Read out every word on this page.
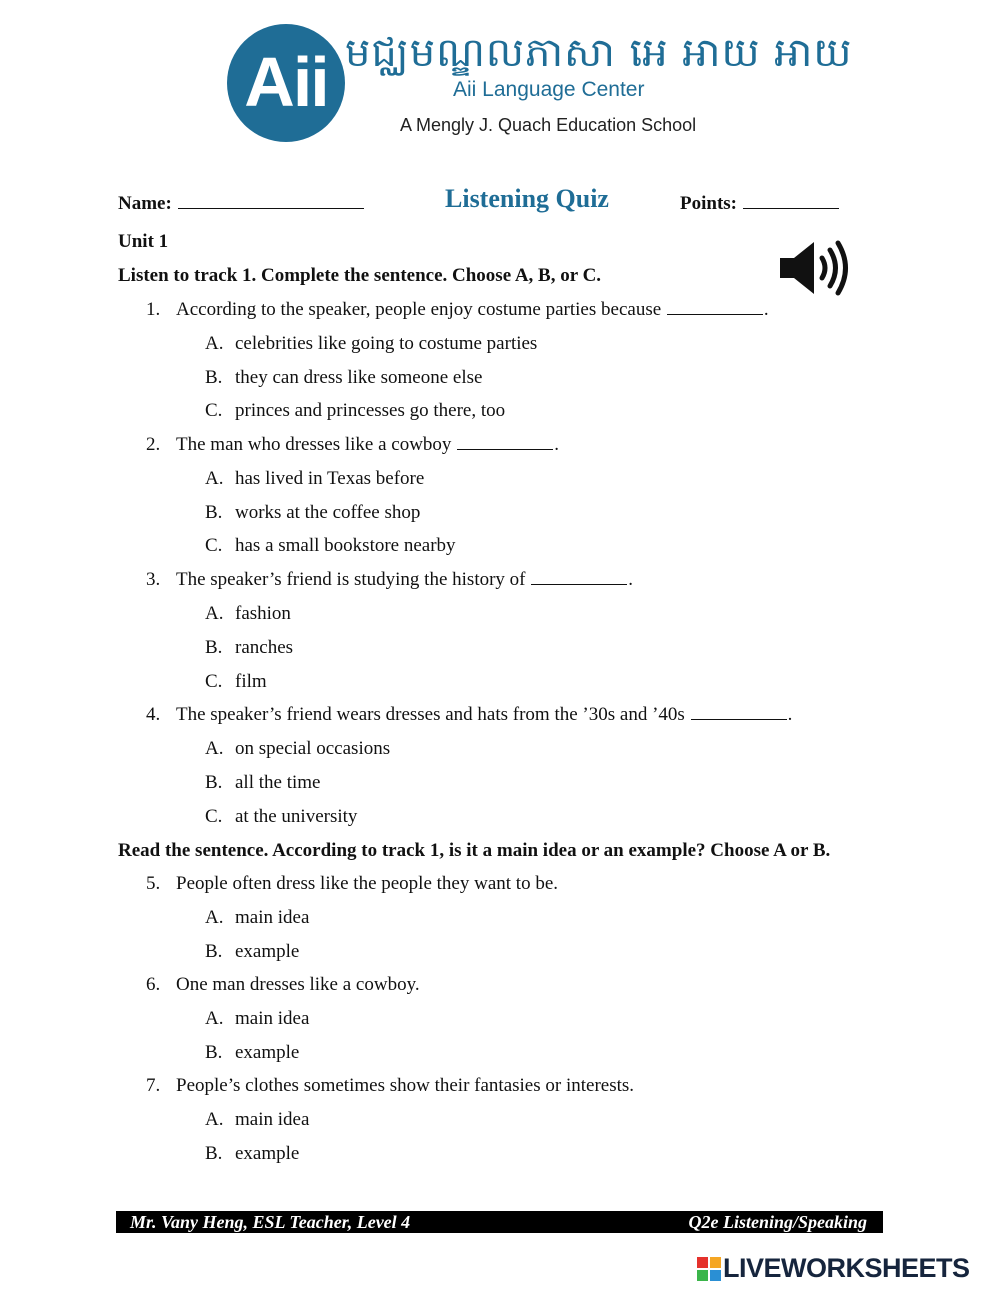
Aii មជ្ឈមណ្ឌលភាសា អេ អាយ អាយ
Aii Language Center
A Mengly J. Quach Education School
Name:	Listening Quiz	Points:
Unit 1
Listen to track 1. Complete the sentence. Choose A, B, or C.
1. According to the speaker, people enjoy costume parties because	.
A. celebrities like going to costume parties
B. they can dress like someone else
C. princes and princesses go there, too
2. The man who dresses like a cowboy	.
A. has lived in Texas before
B. works at the coffee shop
C. has a small bookstore nearby
3. The speaker’s friend is studying the history of	.
A. fashion
B. ranches
C. film
4. The speaker’s friend wears dresses and hats from the ’30s and ’40s	.
A. on special occasions
B. all the time
C. at the university
Read the sentence. According to track 1, is it a main idea or an example? Choose A or B.
5. People often dress like the people they want to be.
A. main idea
B. example
6. One man dresses like a cowboy.
A. main idea
B. example
7. People’s clothes sometimes show their fantasies or interests.
A. main idea
B. example
Mr. Vany Heng, ESL Teacher, Level 4	Q2e Listening/Speaking
LIVEWORKSHEETS
